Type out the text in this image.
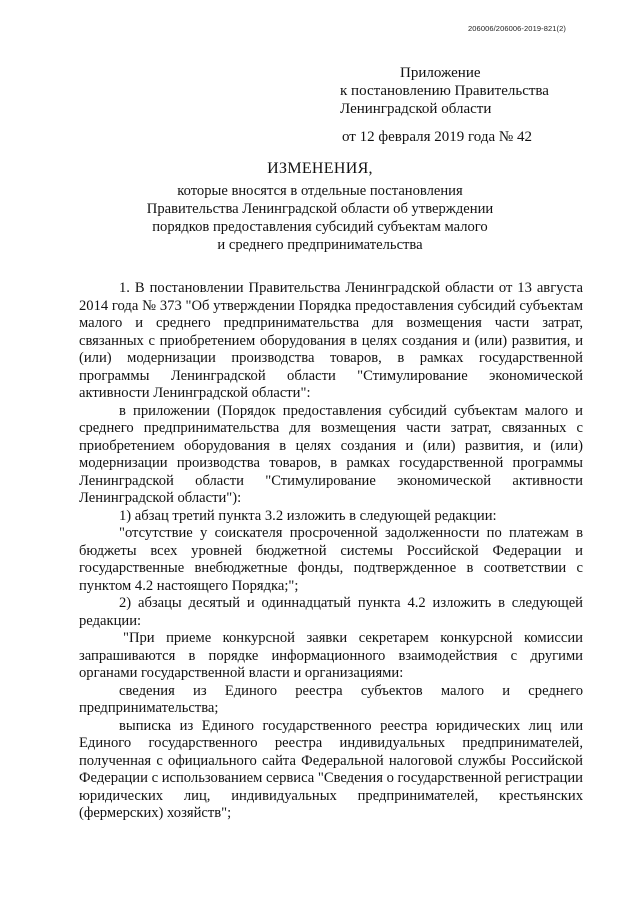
206006/206006-2019-821(2)
Приложение
к постановлению Правительства
Ленинградской области
от 12 февраля 2019 года № 42
ИЗМЕНЕНИЯ,
которые вносятся в отдельные постановления
Правительства Ленинградской области об утверждении
порядков предоставления субсидий субъектам малого
и среднего предпринимательства

1. В постановлении Правительства Ленинградской области от 13 августа 2014 года № 373 "Об утверждении Порядка предоставления субсидий субъектам малого и среднего предпринимательства для возмещения части затрат, связанных с приобретением оборудования в целях создания и (или) развития, и (или) модернизации производства товаров, в рамках государственной программы Ленинградской области "Стимулирование экономической активности Ленинградской области":

в приложении (Порядок предоставления субсидий субъектам малого и среднего предпринимательства для возмещения части затрат, связанных с приобретением оборудования в целях создания и (или) развития, и (или) модернизации производства товаров, в рамках государственной программы Ленинградской области "Стимулирование экономической активности Ленинградской области"):

1) абзац третий пункта 3.2 изложить в следующей редакции:

"отсутствие у соискателя просроченной задолженности по платежам в бюджеты всех уровней бюджетной системы Российской Федерации и государственные внебюджетные фонды, подтвержденное в соответствии с пунктом 4.2 настоящего Порядка;";

2) абзацы десятый и одиннадцатый пункта 4.2 изложить в следующей редакции:

"При приеме конкурсной заявки секретарем конкурсной комиссии запрашиваются в порядке информационного взаимодействия с другими органами государственной власти и организациями:

сведения из Единого реестра субъектов малого и среднего предпринимательства;

выписка из Единого государственного реестра юридических лиц или Единого государственного реестра индивидуальных предпринимателей, полученная с официального сайта Федеральной налоговой службы Российской Федерации с использованием сервиса "Сведения о государственной регистрации юридических лиц, индивидуальных предпринимателей, крестьянских (фермерских) хозяйств";
